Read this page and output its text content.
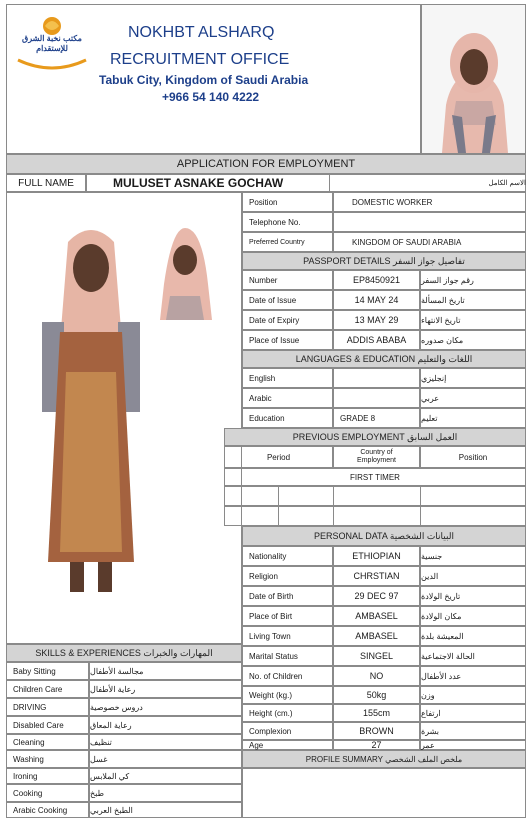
مكتب نخبة الشرق للإستقدام
NOKHBT ALSHARQ
RECRUITMENT OFFICE
Tabuk City, Kingdom of Saudi Arabia
+966 54 140 4222
APPLICATION FOR EMPLOYMENT
FULL NAME	MULUSET ASNAKE GOCHAW	الاسم الكامل
Position	DOMESTIC WORKER
Telephone No.
Preferred Country	KINGDOM OF SAUDI ARABIA
PASSPORT DETAILS تفاصيل جواز السفر
Number	EP8450921	رقم جواز السفر
Date of Issue	14 MAY 24	تاريخ المسألة
Date of Expiry	13 MAY 29	تاريخ الانتهاء
Place of Issue	ADDIS ABABA	مكان صدوره
LANGUAGES & EDUCATION اللغات والتعليم
English	إنجليزي
Arabic	عربي
Education	GRADE 8	تعليم
PREVIOUS EMPLOYMENT العمل السابق
Period	Country of Employment	Position
FIRST TIMER
PERSONAL DATA البيانات الشخصية
Nationality	ETHIOPIAN	جنسية
Religion	CHRSTIAN	الدين
Date of Birth	29 DEC 97	تاريخ الولادة
Place of Birt	AMBASEL	مكان الولادة
Living Town	AMBASEL	المعيشة بلدة
Marital Status	SINGEL	الحالة الاجتماعية
No. of Children	NO	عدد الأطفال
Weight (kg.)	50kg	وزن
Height (cm.)	155cm	ارتفاع
Complexion	BROWN	بشرة
Age	27	عمر
PROFILE SUMMARY ملخص الملف الشخصي
SKILLS & EXPERIENCES المهارات والخبرات
Baby Sitting	مجالسة الأطفال
Children Care	رعاية الأطفال
DRIVING	دروس خصوصية
Disabled Care	رعاية المعاق
Cleaning	تنظيف
Washing	غسل
Ironing	كي الملابس
Cooking	طبخ
Arabic Cooking	الطبخ العربي
